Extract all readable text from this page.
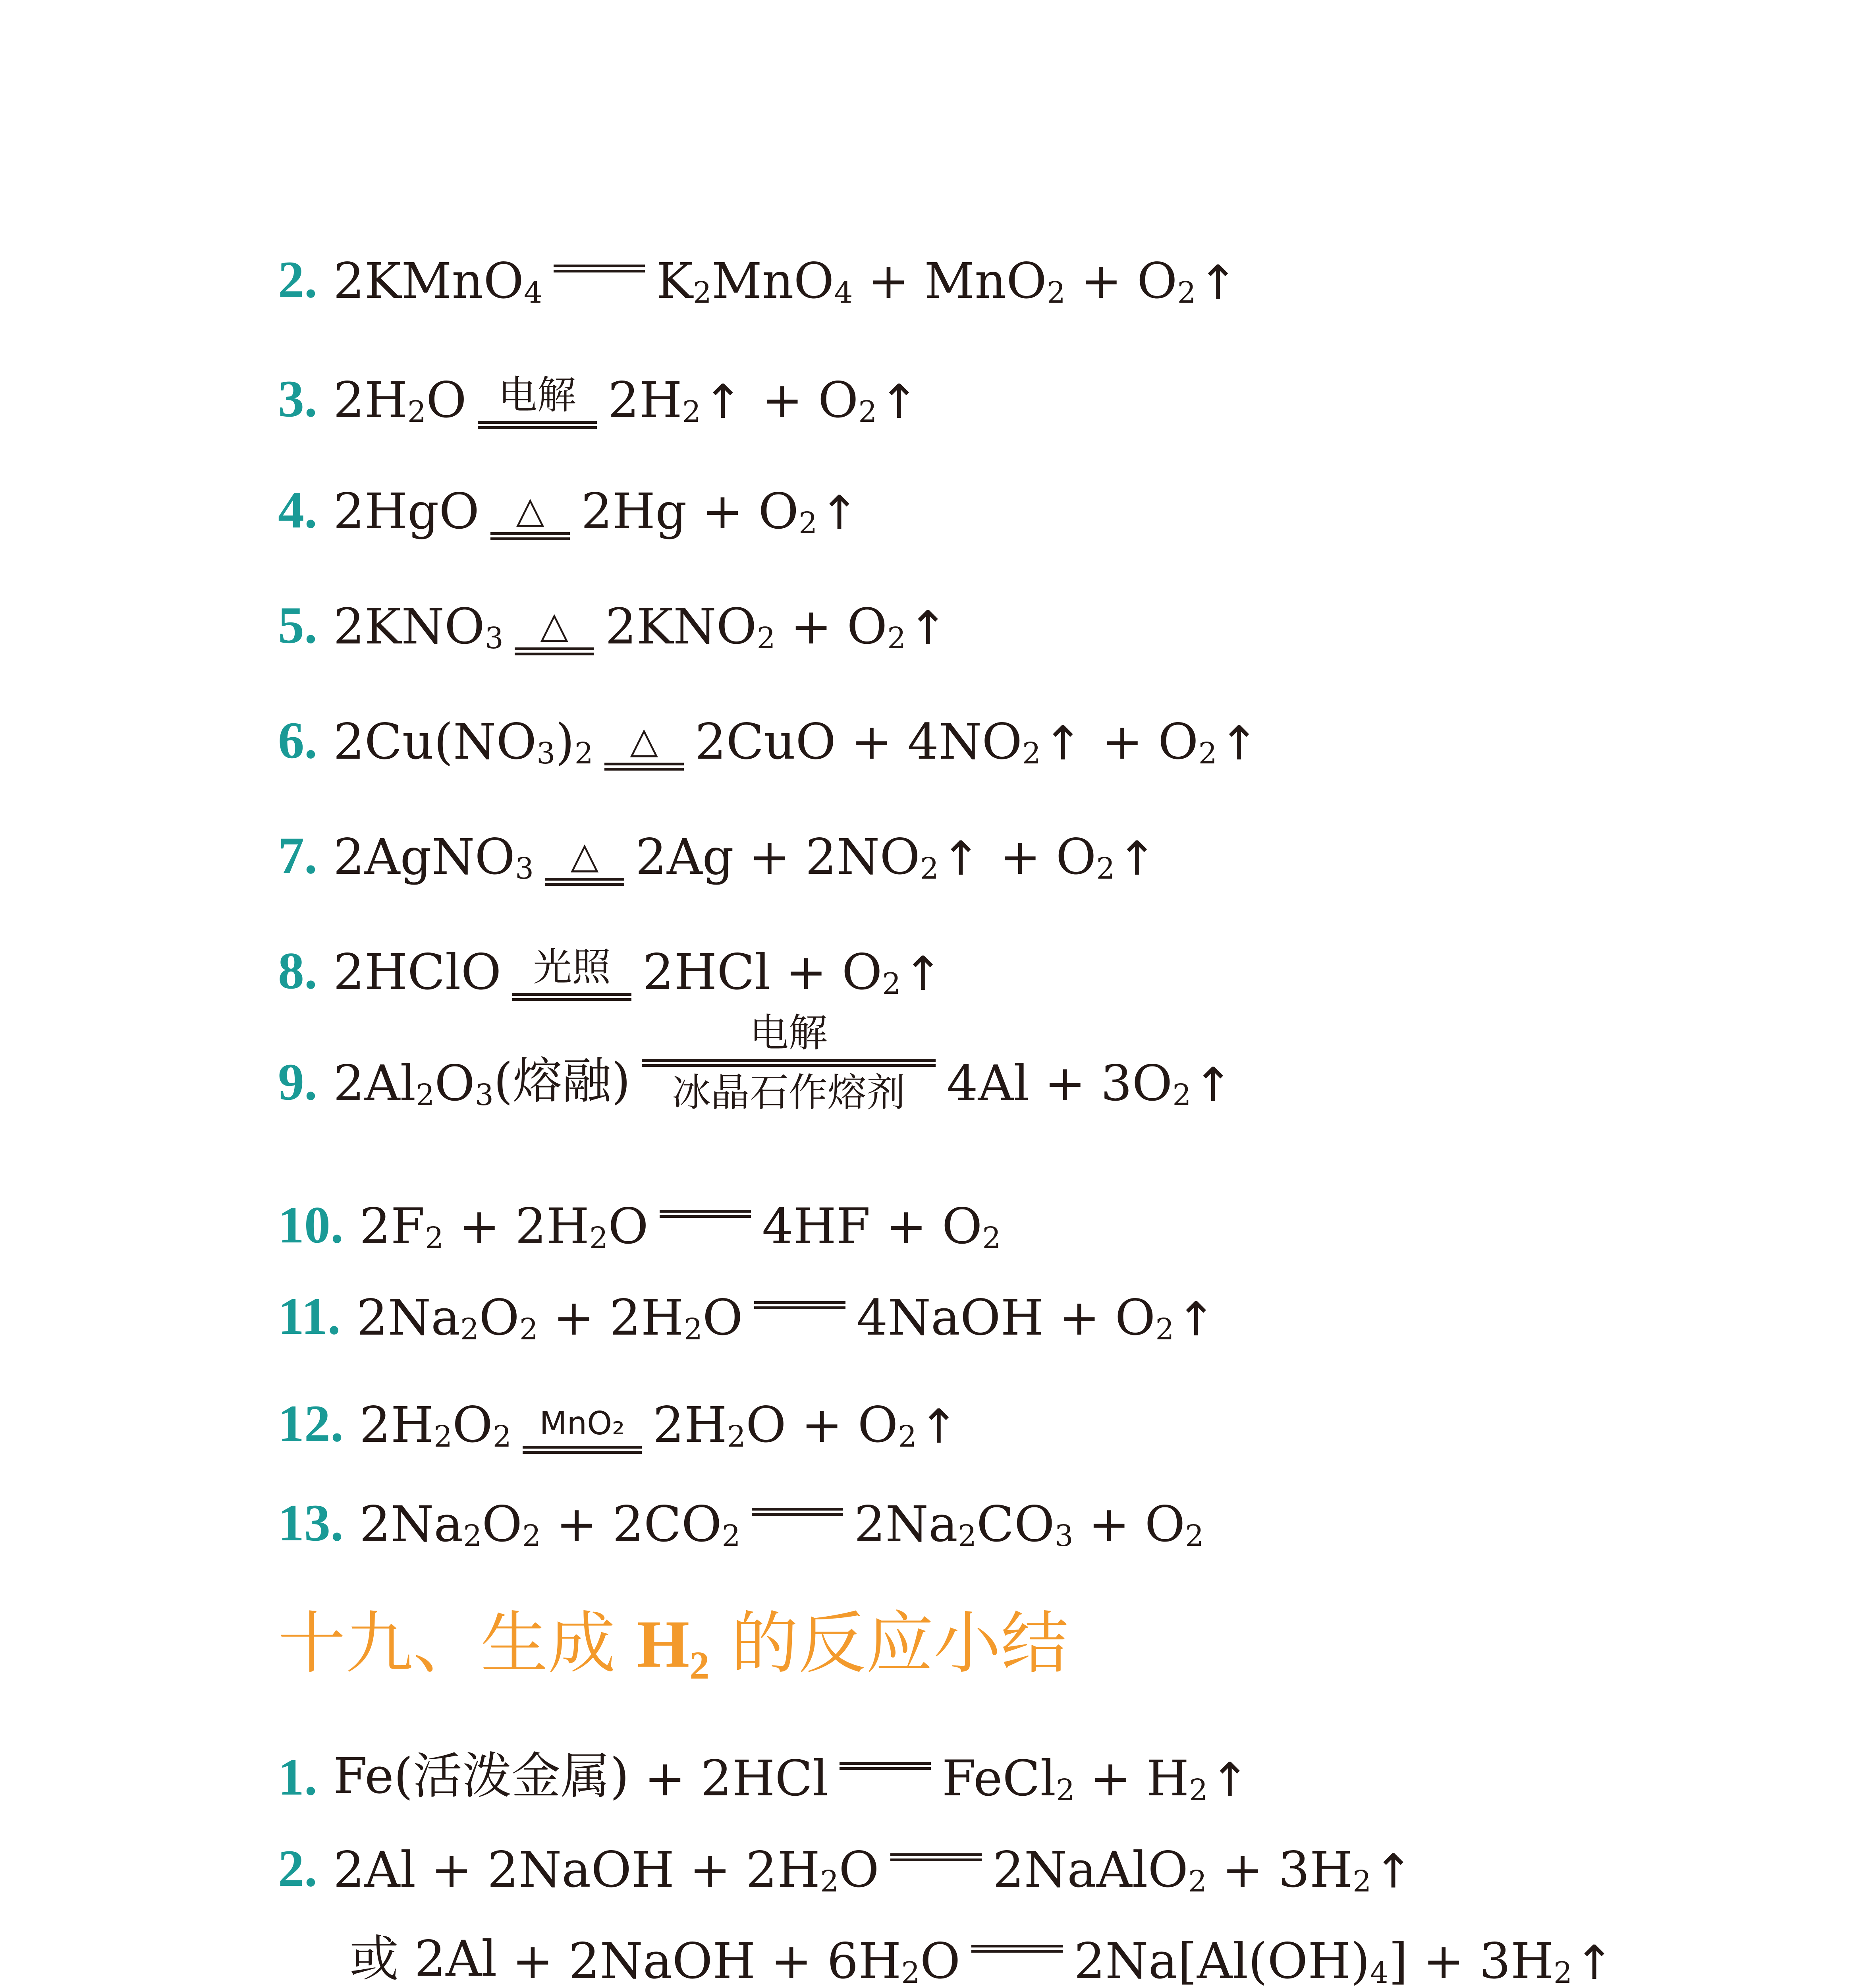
2. 2KMnO 4 K 2 MnO 4 + MnO 2 + O 2 ↑
3. 2H 2 O 电解 2H 2 ↑ + O 2 ↑
4. 2HgO △ 2Hg + O 2 ↑
5. 2KNO 3 △ 2KNO 2 + O 2 ↑
6. 2Cu(NO 3 ) 2 △ 2CuO + 4NO 2 ↑ + O 2 ↑
7. 2AgNO 3 △ 2Ag + 2NO 2 ↑ + O 2 ↑
8. 2HClO 光照 2HCl + O 2 ↑
9. 2Al 2 O 3 (熔融)
电解
冰晶石作熔剂 4Al + 3O 2 ↑
10. 2F 2 + 2H 2 O 4HF + O 2
11. 2Na 2 O 2 + 2H 2 O 4NaOH + O 2 ↑
12. 2H 2 O 2 MnO₂ 2H 2 O + O 2 ↑
13. 2Na 2 O 2 + 2CO 2 2Na 2 CO 3 + O 2
十九、生成 $H_2$ 的反应小结
1. Fe(活泼金属) + 2HCl FeCl 2 + H 2 ↑
2. 2Al + 2NaOH + 2H 2 O 2NaAlO 2 + 3H 2 ↑
或 2Al + 2NaOH + 6H 2 O 2Na[Al(OH) 4 ] + 3H 2 ↑
